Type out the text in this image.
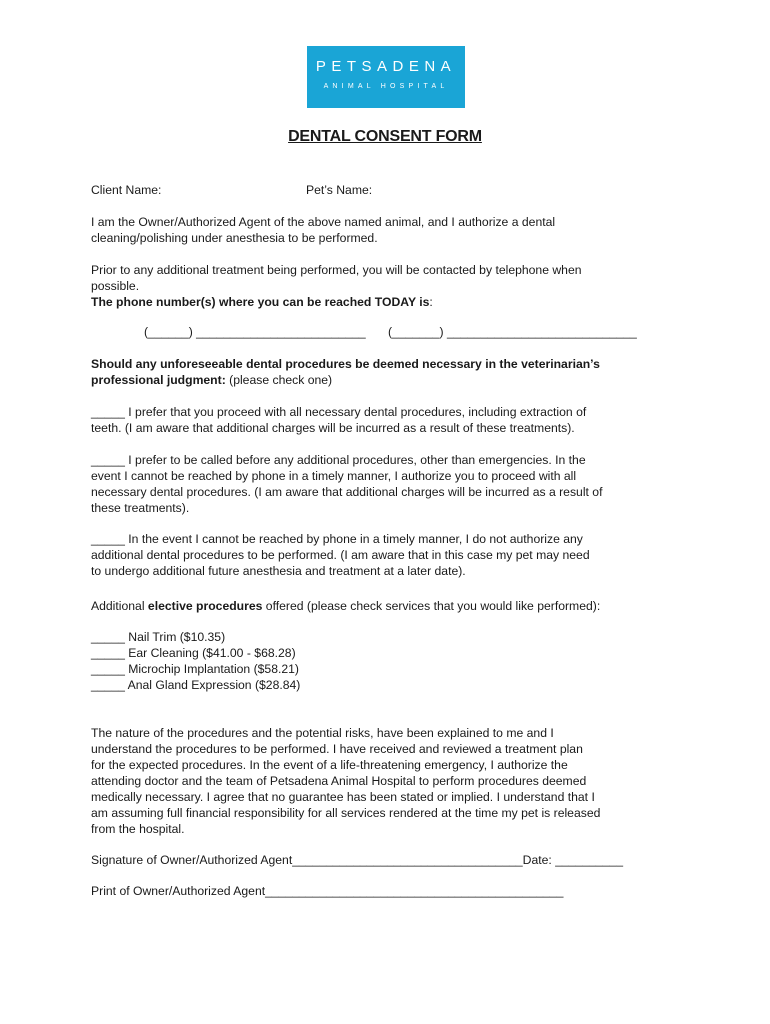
PETSADENA
ANIMAL HOSPITAL
DENTAL CONSENT FORM
Client Name:	Pet’s Name:
I am the Owner/Authorized Agent of the above named animal, and I authorize a dental
cleaning/polishing under anesthesia to be performed.
Prior to any additional treatment being performed, you will be contacted by telephone when
possible.
The phone number(s) where you can be reached TODAY is:
(______) _________________________ (_______) ____________________________
Should any unforeseeable dental procedures be deemed necessary in the veterinarian’s
professional judgment: (please check one)
_____ I prefer that you proceed with all necessary dental procedures, including extraction of
teeth. (I am aware that additional charges will be incurred as a result of these treatments).
_____ I prefer to be called before any additional procedures, other than emergencies. In the
event I cannot be reached by phone in a timely manner, I authorize you to proceed with all
necessary dental procedures. (I am aware that additional charges will be incurred as a result of
these treatments).
_____ In the event I cannot be reached by phone in a timely manner, I do not authorize any
additional dental procedures to be performed. (I am aware that in this case my pet may need
to undergo additional future anesthesia and treatment at a later date).
Additional elective procedures offered (please check services that you would like performed):
_____ Nail Trim ($10.35)
_____ Ear Cleaning ($41.00 - $68.28)
_____ Microchip Implantation ($58.21)
_____ Anal Gland Expression ($28.84)
The nature of the procedures and the potential risks, have been explained to me and I
understand the procedures to be performed. I have received and reviewed a treatment plan
for the expected procedures. In the event of a life-threatening emergency, I authorize the
attending doctor and the team of Petsadena Animal Hospital to perform procedures deemed
medically necessary. I agree that no guarantee has been stated or implied. I understand that I
am assuming full financial responsibility for all services rendered at the time my pet is released
from the hospital.
Signature of Owner/Authorized Agent__________________________________Date: __________
Print of Owner/Authorized Agent____________________________________________
